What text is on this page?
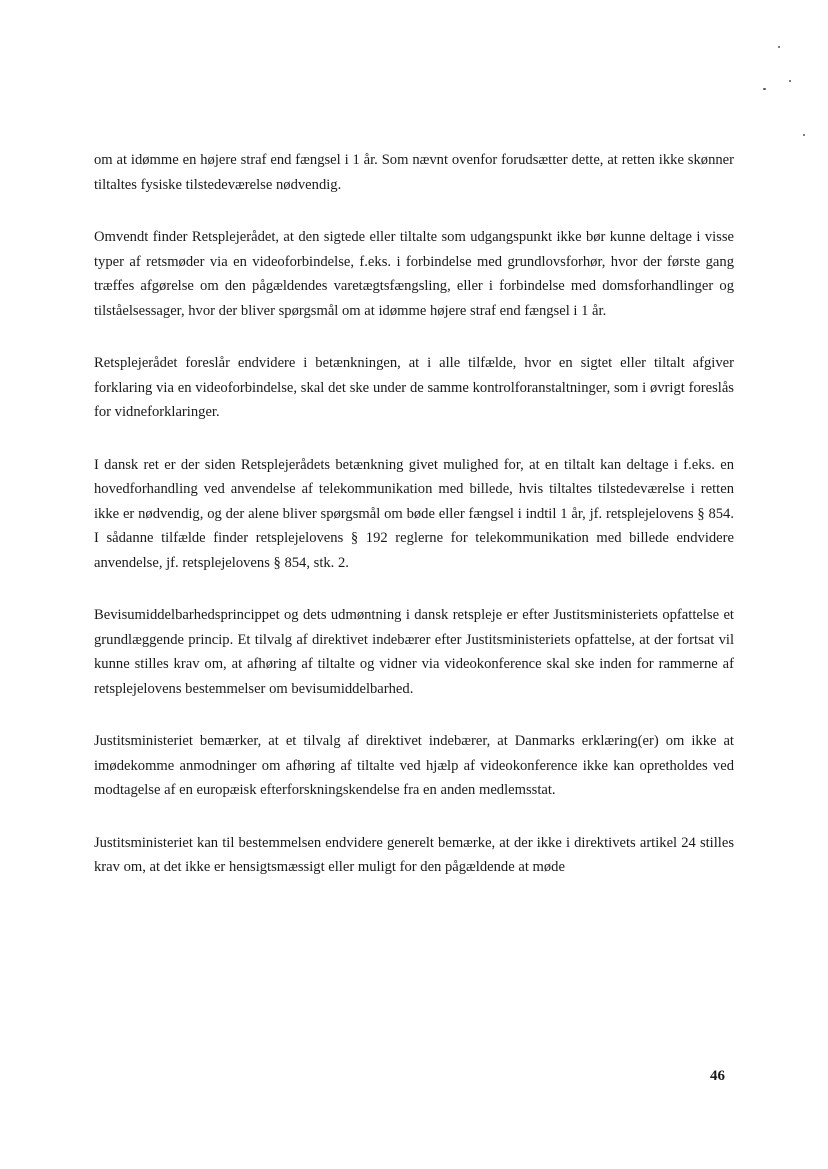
om at idømme en højere straf end fængsel i 1 år. Som nævnt ovenfor forudsætter dette, at retten ikke skønner tiltaltes fysiske tilstedeværelse nødvendig.

Omvendt finder Retsplejerådet, at den sigtede eller tiltalte som udgangspunkt ikke bør kunne deltage i visse typer af retsmøder via en videoforbindelse, f.eks. i forbindelse med grundlovsforhør, hvor der første gang træffes afgørelse om den pågældendes varetægtsfængsling, eller i forbindelse med domsforhandlinger og tilståelsessager, hvor der bliver spørgsmål om at idømme højere straf end fængsel i 1 år.

Retsplejerådet foreslår endvidere i betænkningen, at i alle tilfælde, hvor en sigtet eller tiltalt afgiver forklaring via en videoforbindelse, skal det ske under de samme kontrolforanstaltninger, som i øvrigt foreslås for vidneforklaringer.

I dansk ret er der siden Retsplejerådets betænkning givet mulighed for, at en tiltalt kan deltage i f.eks. en hovedforhandling ved anvendelse af telekommunikation med billede, hvis tiltaltes tilstedeværelse i retten ikke er nødvendig, og der alene bliver spørgsmål om bøde eller fængsel i indtil 1 år, jf. retsplejelovens § 854. I sådanne tilfælde finder retsplejelovens § 192 reglerne for telekommunikation med billede endvidere anvendelse, jf. retsplejelovens § 854, stk. 2.

Bevisumiddelbarhedsprincippet og dets udmøntning i dansk retspleje er efter Justitsministeriets opfattelse et grundlæggende princip. Et tilvalg af direktivet indebærer efter Justitsministeriets opfattelse, at der fortsat vil kunne stilles krav om, at afhøring af tiltalte og vidner via videokonference skal ske inden for rammerne af retsplejelovens bestemmelser om bevisumiddelbarhed.

Justitsministeriet bemærker, at et tilvalg af direktivet indebærer, at Danmarks erklæring(er) om ikke at imødekomme anmodninger om afhøring af tiltalte ved hjælp af videokonference ikke kan opretholdes ved modtagelse af en europæisk efterforskningskendelse fra en anden medlemsstat.

Justitsministeriet kan til bestemmelsen endvidere generelt bemærke, at der ikke i direktivets artikel 24 stilles krav om, at det ikke er hensigtsmæssigt eller muligt for den pågældende at møde

46
